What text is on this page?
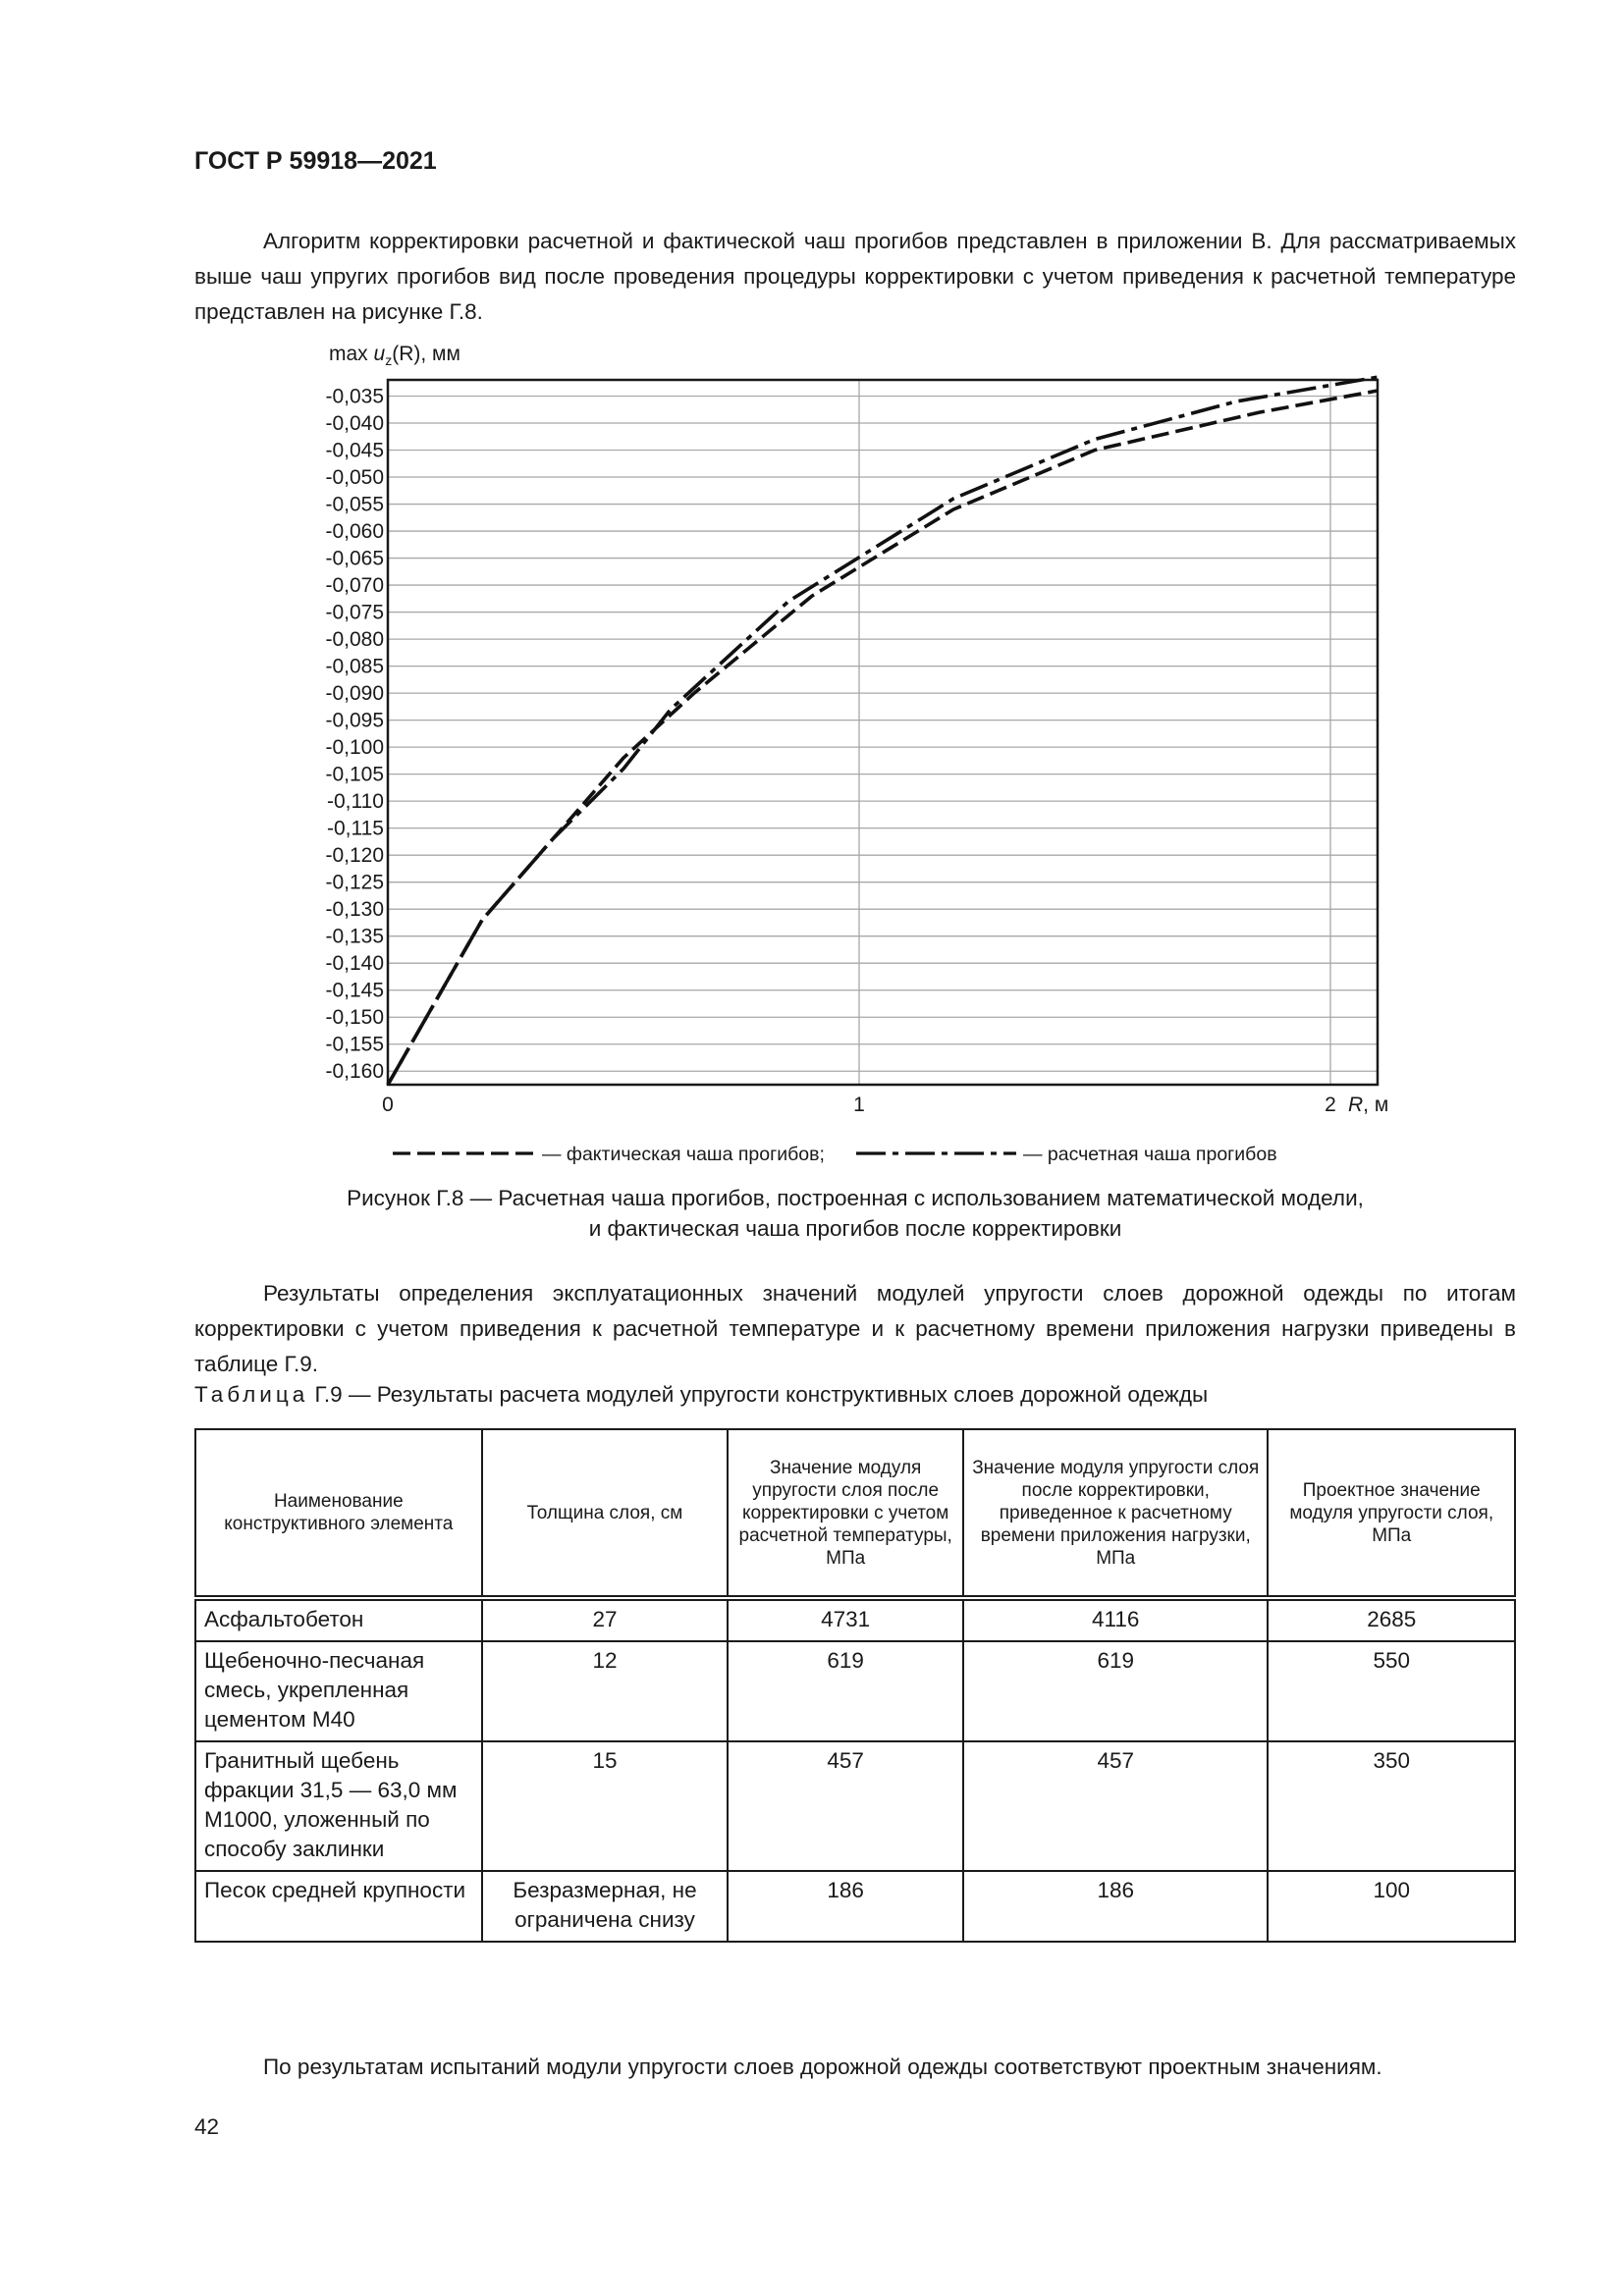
ГОСТ Р 59918—2021
Алгоритм корректировки расчетной и фактической чаш прогибов представлен в приложении В. Для рассматриваемых выше чаш упругих прогибов вид после проведения процедуры корректировки с учетом приведения к расчетной температуре представлен на рисунке Г.8.
-0,035
-0,040
-0,045
-0,050
-0,055
-0,060
-0,065
-0,070
-0,075
-0,080
-0,085
-0,090
-0,095
-0,100
-0,105
-0,110
-0,115
-0,120
-0,125
-0,130
-0,135
-0,140
-0,145
-0,150
-0,155
-0,160
0	1	2
$\max u_z(R)$, мм
R, м
— фактическая чаша прогибов;	— расчетная чаша прогибов
Рисунок Г.8 — Расчетная чаша прогибов, построенная с использованием математической модели,
и фактическая чаша прогибов после корректировки
Результаты определения эксплуатационных значений модулей упругости слоев дорожной одежды по итогам корректировки с учетом приведения к расчетной температуре и к расчетному времени приложения нагрузки приведены в таблице Г.9.
Таблица Г.9 — Результаты расчета модулей упругости конструктивных слоев дорожной одежды
Наименование конструктивного элемента	Толщина слоя, см	Значение модуля упругости слоя после корректировки с учетом расчетной температуры, МПа	Значение модуля упругости слоя после корректировки, приведенное к расчетному времени приложения нагрузки, МПа	Проектное значение модуля упругости слоя, МПа
Асфальтобетон	27	4731	4116	2685
Щебеночно-песчаная смесь, укрепленная цементом М40	12	619	619	550
Гранитный щебень фракции 31,5 — 63,0 мм М1000, уложенный по способу заклинки	15	457	457	350
Песок средней крупности	Безразмерная, не ограничена снизу	186	186	100
По результатам испытаний модули упругости слоев дорожной одежды соответствуют проектным значениям.
42
